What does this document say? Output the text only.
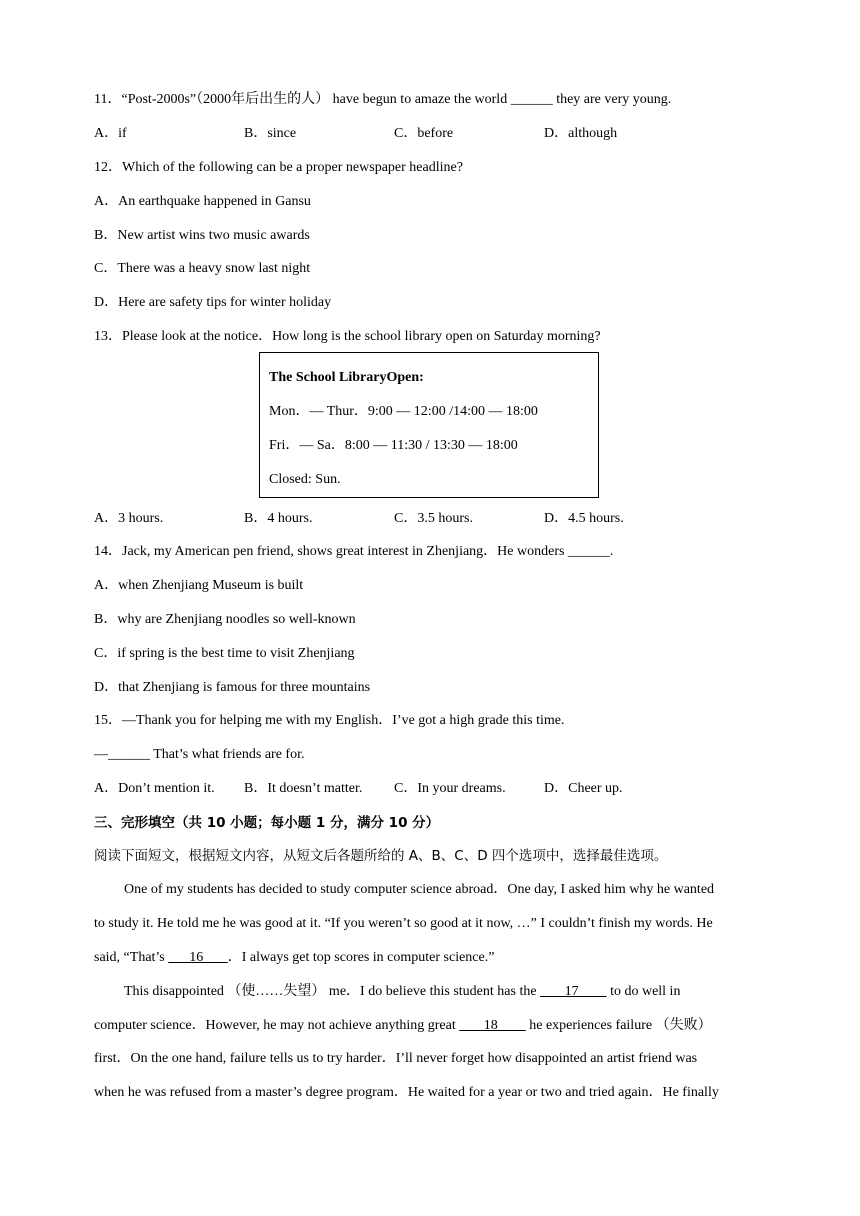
11．“Post-2000s”（2000年后出生的人） have begun to amaze the world ______ they are very young.
A．if	B．since	C．before	D．although
12．Which of the following can be a proper newspaper headline?
A．An earthquake happened in Gansu
B．New artist wins two music awards
C．There was a heavy snow last night
D．Here are safety tips for winter holiday
13．Please look at the notice．How long is the school library open on Saturday morning?
The School LibraryOpen:
Mon．— Thur．9:00 — 12:00 /14:00 — 18:00
Fri．— Sa．8:00 — 11:30 / 13:30 — 18:00
Closed: Sun.
A．3 hours.	B．4 hours.	C．3.5 hours.	D．4.5 hours.
14．Jack, my American pen friend, shows great interest in Zhenjiang．He wonders ______.
A．when Zhenjiang Museum is built
B．why are Zhenjiang noodles so well-known
C．if spring is the best time to visit Zhenjiang
D．that Zhenjiang is famous for three mountains
15．—Thank you for helping me with my English．I’ve got a high grade this time.
—______ That’s what friends are for.
A．Don’t mention it. B．It doesn’t matter. C．In your dreams.	D．Cheer up.
三、完形填空（共 10 小题；每小题 1 分，满分 10 分）
阅读下面短文，根据短文内容，从短文后各题所给的 A、B、C、D 四个选项中，选择最佳选项。
One of my students has decided to study computer science abroad．One day, I asked him why he wanted
to study it. He told me he was good at it. “If you weren’t so good at it now, …” I couldn’t finish my words. He
said, “That’s       16       ．I always get top scores in computer science.”
This disappointed （使……失望） me．I do believe this student has the        17         to do well in
computer science．However, he may not achieve anything great        18         he experiences failure （失败）
first．On the one hand, failure tells us to try harder．I’ll never forget how disappointed an artist friend was
when he was refused from a master’s degree program．He waited for a year or two and tried again．He finally
